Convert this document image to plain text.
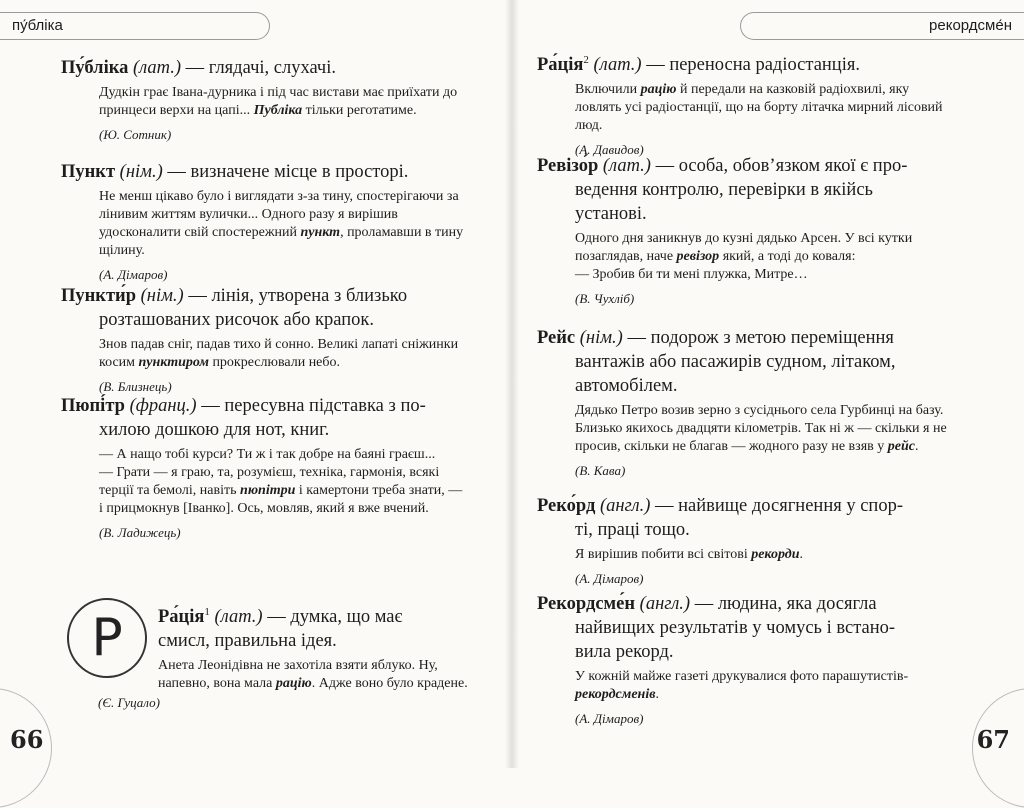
пу́бліка

Пу́бліка (лат.) — глядачі, слухачі.

Дудкін грає Івана-дурника і під час вистави має приїхати до принцеси верхи на цапі... Публіка тільки реготатиме.

(Ю. Сотник)

Пункт (нім.) — визначене місце в просторі.

Не менш цікаво було і виглядати з-за тину, спостерігаючи за лінивим життям вулички... Одного разу я вирішив удосконалити свій спостережний пункт, проламавши в тину щілину.

(А. Дімаров)

Пункти́р (нім.) — лінія, утворена з близько
розташованих рисочок або крапок.

Знов падав сніг, падав тихо й сонно. Великі лапаті сніжинки косим пунктиром прокреслювали небо.

(В. Близнець)

Пюпі́тр (франц.) — пересувна підставка з по-
хилою дошкою для нот, книг.

— А нащо тобі курси? Ти ж і так добре на баяні граєш...
— Грати — я граю, та, розумієш, техніка, гармонія, всякі терції та бемолі, навіть пюпітри і камертони треба знати, — і прицмокнув [Іванко]. Ось, мовляв, який я вже вчений.

(В. Ладижець)

Р	Ра́ція$^1$ (лат.) — думка, що має
смисл, правильна ідея.

Анета Леонідівна не захотіла взяти яблуко. Ну, напевно, вона мала рацію. Адже воно було крадене.

(Є. Гуцало)

66
рекордсме́н

Ра́ція$^2$ (лат.) — переносна радіостанція.

Включили рацію й передали на казковій радіохвилі, яку ловлять усі радіостанції, що на борту літачка мирний лісовий люд.

(А. Давидов)

Ревізо́р (лат.) — особа, обов’язком якої є про-
ведення контролю, перевірки в якійсь
установі.

Одного дня заникнув до кузні дядько Арсен. У всі кутки позаглядав, наче ревізор який, а тоді до коваля:
— Зробив би ти мені плужка, Митре…

(В. Чухліб)

Рейс (нім.) — подорож з метою переміщення
вантажів або пасажирів судном, літаком,
автомобілем.

Дядько Петро возив зерно з сусіднього села Гурбинці на базу. Близько якихось двадцяти кілометрів. Так ні ж — скільки я не просив, скільки не благав — жодного разу не взяв у рейс.

(В. Кава)

Реко́рд (англ.) — найвище досягнення у спор-
ті, праці тощо.

Я вирішив побити всі світові рекорди.

(А. Дімаров)

Рекордсме́н (англ.) — людина, яка досягла
найвищих результатів у чомусь і встано-
вила рекорд.

У кожній майже газеті друкувалися фото парашутистів-рекордсменів.

(А. Дімаров)

67
